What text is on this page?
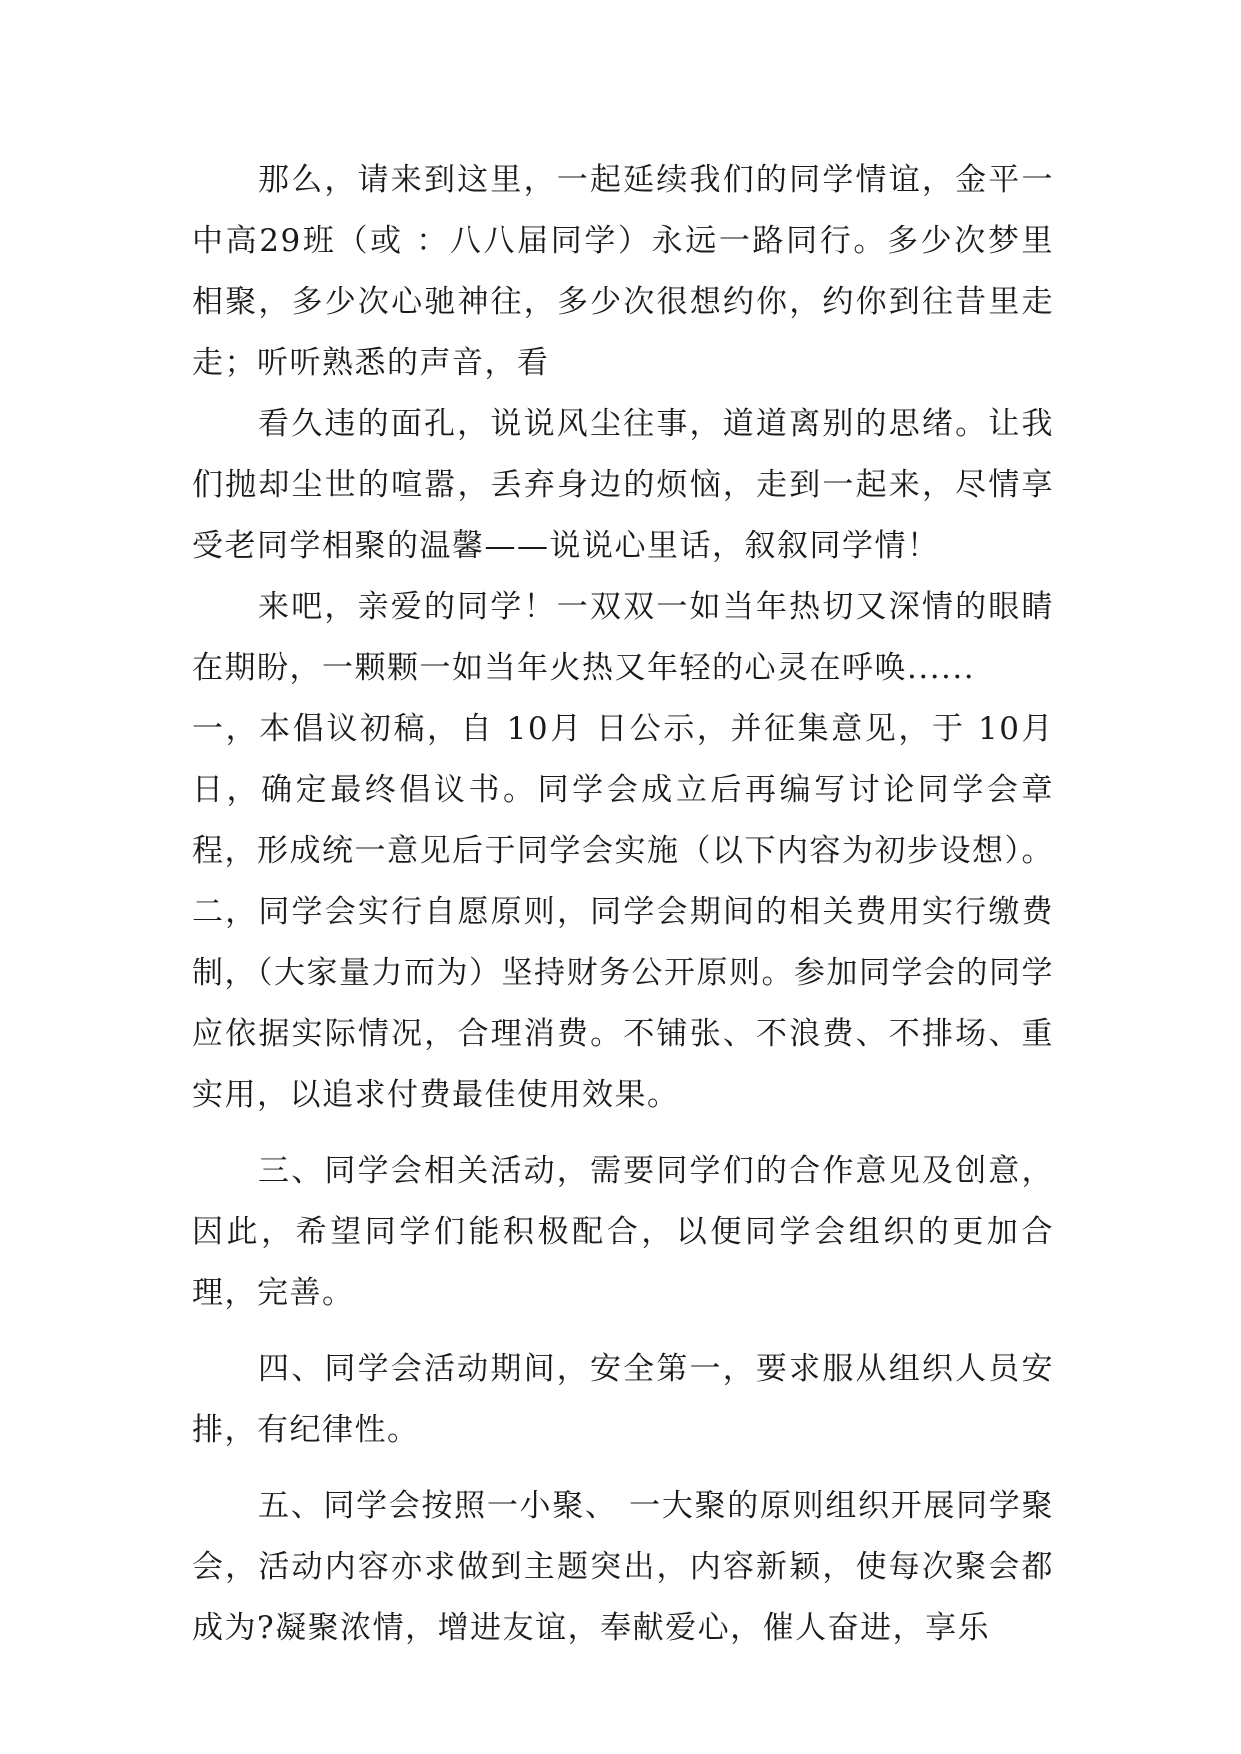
那么，请来到这里，一起延续我们的同学情谊，金平一中高29班（或 ：八八届同学）永远一路同行。多少次梦里相聚，多少次心驰神往，多少次很想约你，约你到往昔里走走；听听熟悉的声音，看

看久违的面孔，说说风尘往事，道道离别的思绪。让我们抛却尘世的喧嚣，丢弃身边的烦恼，走到一起来，尽情享受老同学相聚的温馨——说说心里话，叙叙同学情！

来吧，亲爱的同学！一双双一如当年热切又深情的眼睛在期盼，一颗颗一如当年火热又年轻的心灵在呼唤......

一，本倡议初稿，自 10月 日公示，并征集意见，于 10月 日，确定最终倡议书。同学会成立后再编写讨论同学会章程，形成统一意见后于同学会实施（以下内容为初步设想）。 二，同学会实行自愿原则，同学会期间的相关费用实行缴费制，（大家量力而为）坚持财务公开原则。参加同学会的同学应依据实际情况，合理消费。不铺张、不浪费、不排场、重实用，以追求付费最佳使用效果。

三、同学会相关活动，需要同学们的合作意见及创意，因此，希望同学们能积极配合，以便同学会组织的更加合理，完善。

四、同学会活动期间，安全第一，要求服从组织人员安排，有纪律性。

五、同学会按照一小聚、 一大聚的原则组织开展同学聚会，活动内容亦求做到主题突出，内容新颖，使每次聚会都成为?凝聚浓情，增进友谊，奉献爱心，催人奋进，享乐
